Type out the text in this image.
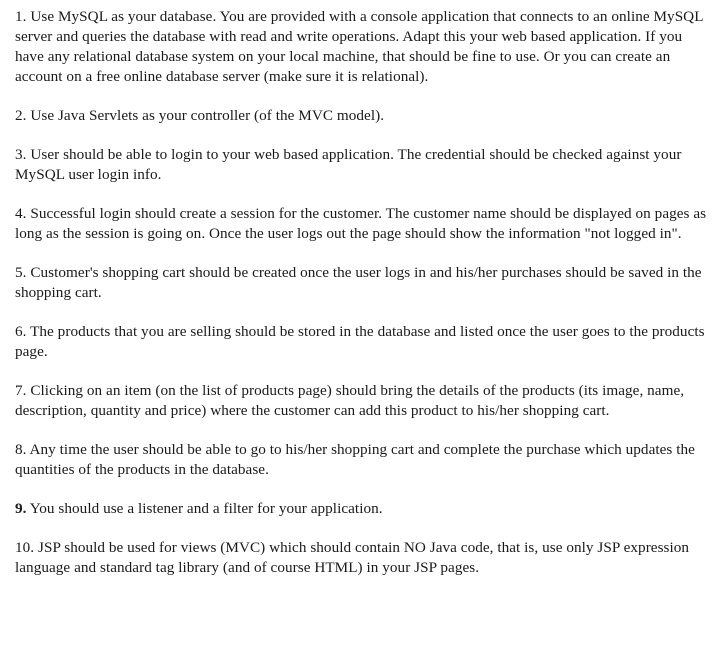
1. Use MySQL as your database. You are provided with a console application that connects to an online MySQL server and queries the database with read and write operations. Adapt this your web based application. If you have any relational database system on your local machine, that should be fine to use. Or you can create an account on a free online database server (make sure it is relational).
2. Use Java Servlets as your controller (of the MVC model).
3. User should be able to login to your web based application. The credential should be checked against your MySQL user login info.
4. Successful login should create a session for the customer. The customer name should be displayed on pages as long as the session is going on. Once the user logs out the page should show the information "not logged in".
5. Customer's shopping cart should be created once the user logs in and his/her purchases should be saved in the shopping cart.
6. The products that you are selling should be stored in the database and listed once the user goes to the products page.
7. Clicking on an item (on the list of products page) should bring the details of the products (its image, name, description, quantity and price) where the customer can add this product to his/her shopping cart.
8. Any time the user should be able to go to his/her shopping cart and complete the purchase which updates the quantities of the products in the database.
9. You should use a listener and a filter for your application.
10. JSP should be used for views (MVC) which should contain NO Java code, that is, use only JSP expression language and standard tag library (and of course HTML) in your JSP pages.
